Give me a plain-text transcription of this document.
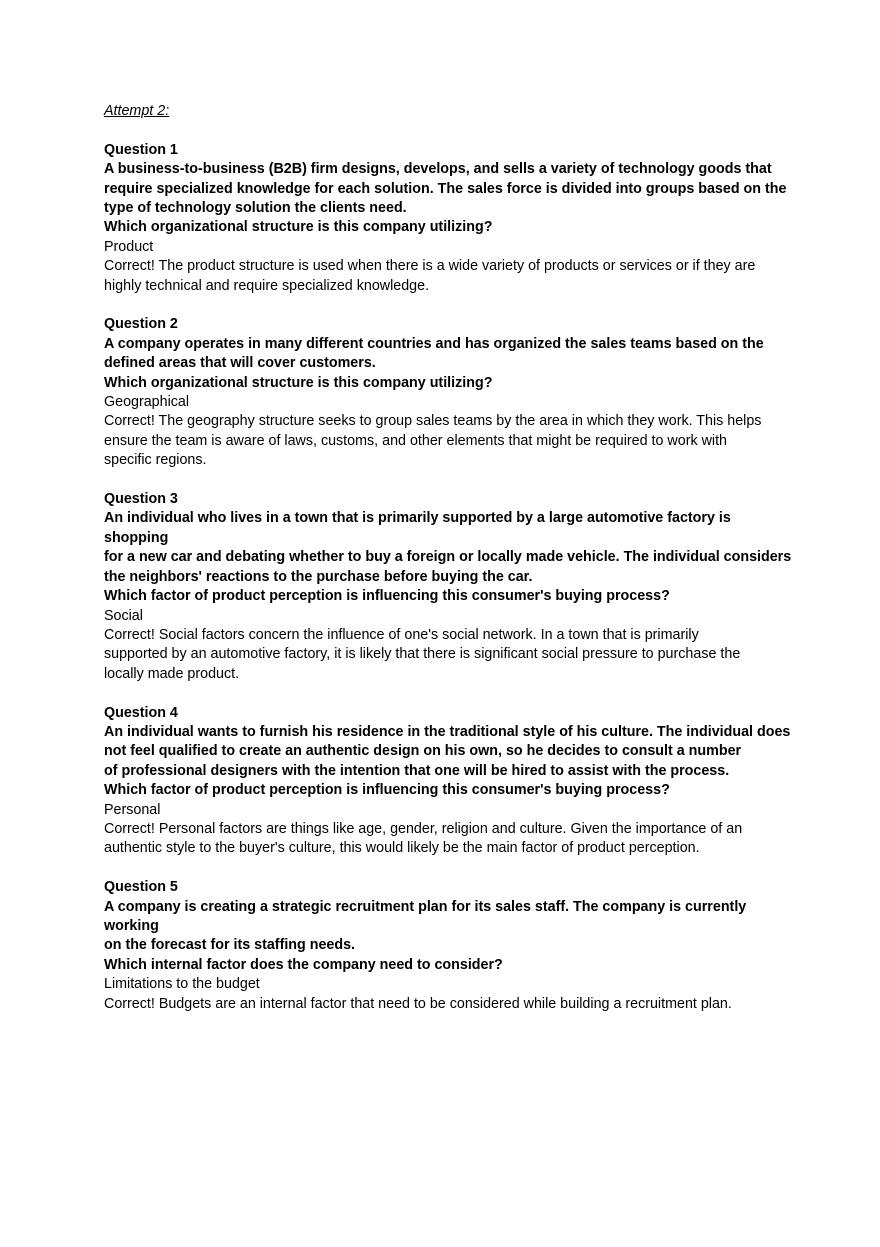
Attempt 2:

Question 1

A business-to-business (B2B) firm designs, develops, and sells a variety of technology goods that

require specialized knowledge for each solution. The sales force is divided into groups based on the

type of technology solution the clients need.

Which organizational structure is this company utilizing?

Product

Correct! The product structure is used when there is a wide variety of products or services or if they are

highly technical and require specialized knowledge.

Question 2

A company operates in many different countries and has organized the sales teams based on the

defined areas that will cover customers.

Which organizational structure is this company utilizing?

Geographical

Correct! The geography structure seeks to group sales teams by the area in which they work. This helps

ensure the team is aware of laws, customs, and other elements that might be required to work with

specific regions.

Question 3

An individual who lives in a town that is primarily supported by a large automotive factory is shopping

for a new car and debating whether to buy a foreign or locally made vehicle. The individual considers

the neighbors' reactions to the purchase before buying the car.

Which factor of product perception is influencing this consumer's buying process?

Social

Correct! Social factors concern the influence of one's social network. In a town that is primarily

supported by an automotive factory, it is likely that there is significant social pressure to purchase the

locally made product.

Question 4

An individual wants to furnish his residence in the traditional style of his culture. The individual does

not feel qualified to create an authentic design on his own, so he decides to consult a number

of professional designers with the intention that one will be hired to assist with the process.

Which factor of product perception is influencing this consumer's buying process?

Personal

Correct! Personal factors are things like age, gender, religion and culture. Given the importance of an

authentic style to the buyer's culture, this would likely be the main factor of product perception.

Question 5

A company is creating a strategic recruitment plan for its sales staff. The company is currently working

on the forecast for its staffing needs.

Which internal factor does the company need to consider?

Limitations to the budget

Correct! Budgets are an internal factor that need to be considered while building a recruitment plan.
